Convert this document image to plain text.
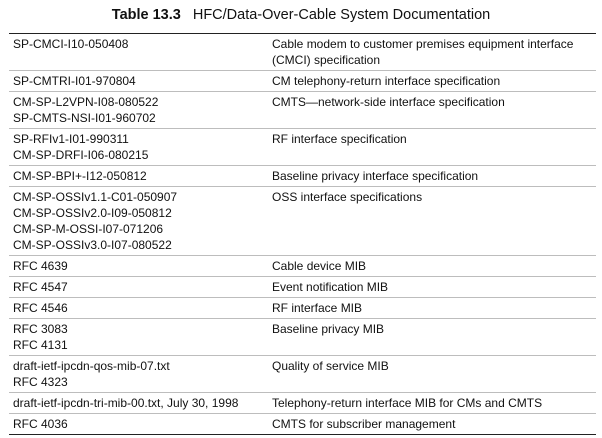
Table 13.3 HFC/Data-Over-Cable System Documentation
SP-CMCI-I10-050408	Cable modem to customer premises equipment interface
(CMCI) specification

SP-CMTRI-I01-970804	CM telephony-return interface specification

CM-SP-L2VPN-I08-080522
SP-CMTS-NSI-I01-960702	CMTS—network-side interface specification

SP-RFIv1-I01-990311
CM-SP-DRFI-I06-080215	RF interface specification

CM-SP-BPI+-I12-050812	Baseline privacy interface specification

CM-SP-OSSIv1.1-C01-050907
CM-SP-OSSIv2.0-I09-050812
CM-SP-M-OSSI-I07-071206
CM-SP-OSSIv3.0-I07-080522	OSS interface specifications

RFC 4639	Cable device MIB

RFC 4547	Event notification MIB

RFC 4546	RF interface MIB

RFC 3083
RFC 4131	Baseline privacy MIB

draft-ietf-ipcdn-qos-mib-07.txt
RFC 4323	Quality of service MIB

draft-ietf-ipcdn-tri-mib-00.txt, July 30, 1998	Telephony-return interface MIB for CMs and CMTS

RFC 4036	CMTS for subscriber management
